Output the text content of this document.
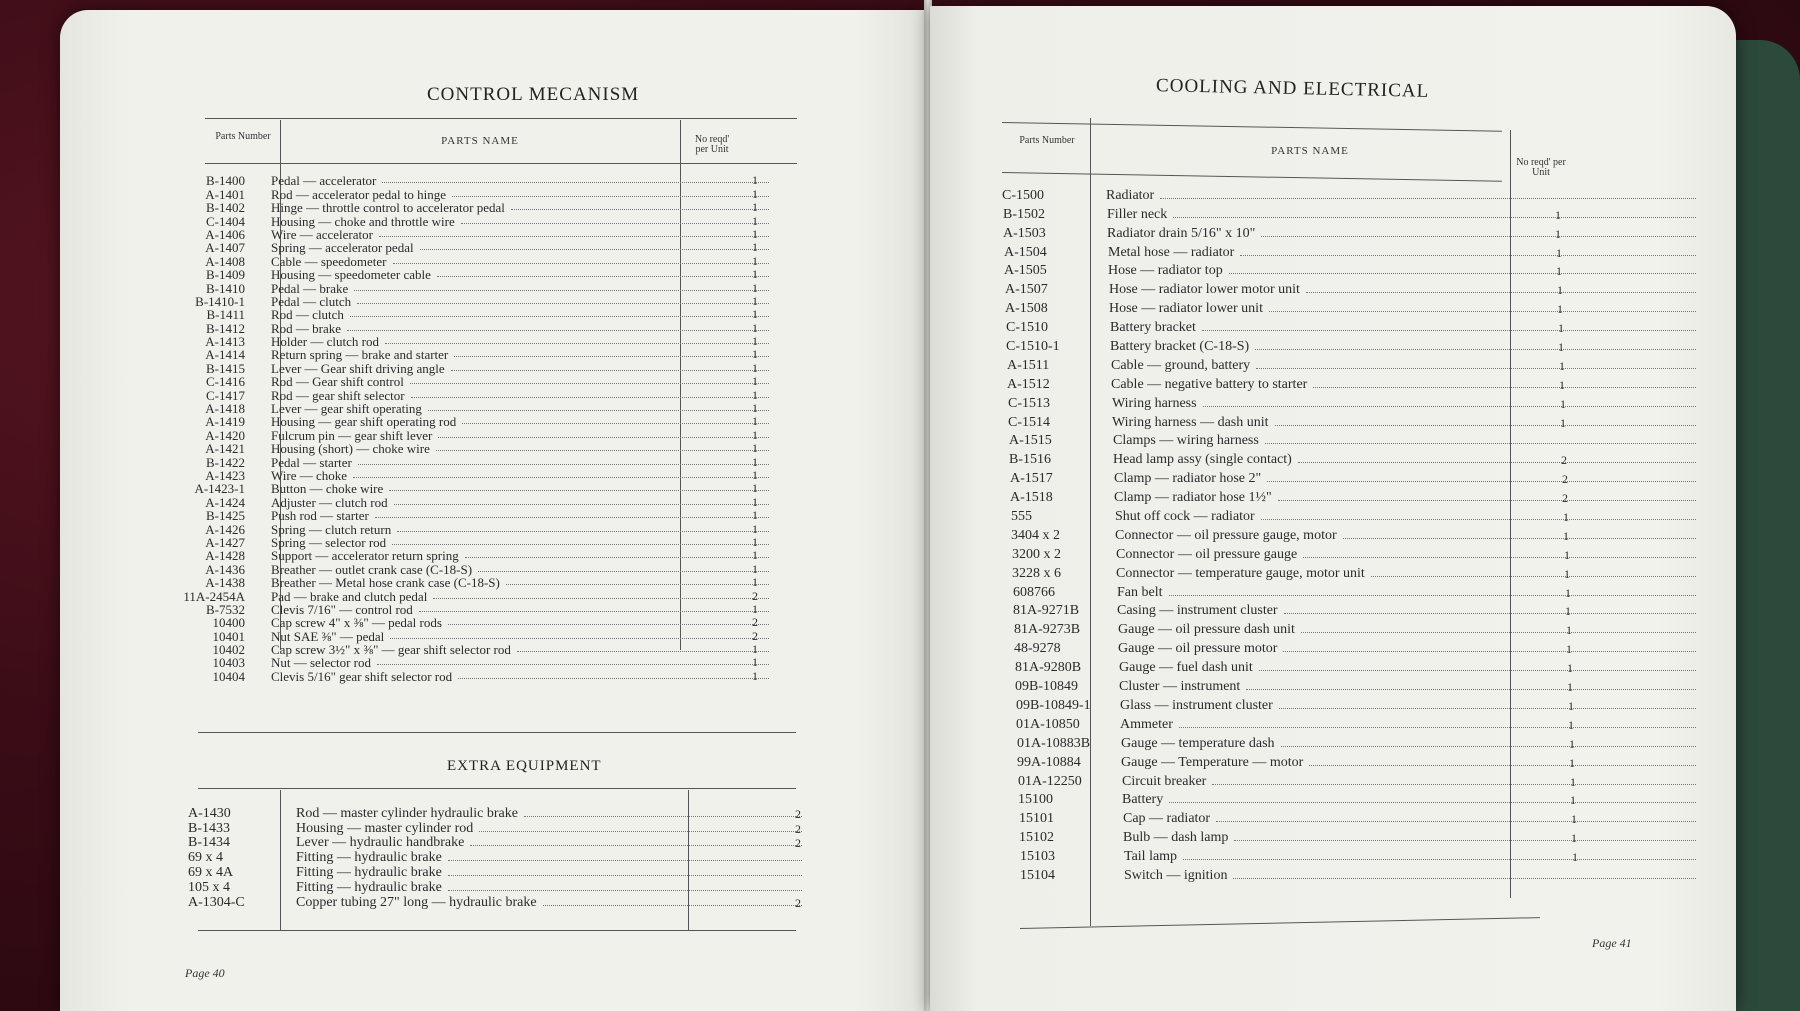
CONTROL MECANISM
Parts Number	PARTS NAME	No reqd' per Unit
B-1400	Pedal — accelerator	1
A-1401	Rod — accelerator pedal to hinge	1
B-1402	Hinge — throttle control to accelerator pedal	1
C-1404	Housing — choke and throttle wire	1
A-1406	Wire — accelerator	1
A-1407	Spring — accelerator pedal	1
A-1408	Cable — speedometer	1
B-1409	Housing — speedometer cable	1
B-1410	Pedal — brake	1
B-1410-1	Pedal — clutch	1
B-1411	Rod — clutch	1
B-1412	Rod — brake	1
A-1413	Holder — clutch rod	1
A-1414	Return spring — brake and starter	1
B-1415	Lever — Gear shift driving angle	1
C-1416	Rod — Gear shift control	1
C-1417	Rod — gear shift selector	1
A-1418	Lever — gear shift operating	1
A-1419	Housing — gear shift operating rod	1
A-1420	Fulcrum pin — gear shift lever	1
A-1421	Housing (short) — choke wire	1
B-1422	Pedal — starter	1
A-1423	Wire — choke	1
A-1423-1	Button — choke wire	1
A-1424	Adjuster — clutch rod	1
B-1425	Push rod — starter	1
A-1426	Spring — clutch return	1
A-1427	Spring — selector rod	1
A-1428	Support — accelerator return spring	1
A-1436	Breather — outlet crank case (C-18-S)	1
A-1438	Breather — Metal hose crank case (C-18-S)	1
11A-2454A	Pad — brake and clutch pedal	2
B-7532	Clevis 7/16" — control rod	1
10400	Cap screw 4" x ⅜" — pedal rods	2
10401	Nut SAE ⅜" — pedal	2
10402	Cap screw 3½" x ⅜" — gear shift selector rod	1
10403	Nut — selector rod	1
10404	Clevis 5/16" gear shift selector rod	1
EXTRA EQUIPMENT
A-1430	Rod — master cylinder hydraulic brake	2
B-1433	Housing — master cylinder rod	2
B-1434	Lever — hydraulic handbrake	2
69 x 4	Fitting — hydraulic brake
69 x 4A	Fitting — hydraulic brake
105 x 4	Fitting — hydraulic brake
A-1304-C	Copper tubing 27" long — hydraulic brake	2
Page 40
COOLING AND ELECTRICAL
Parts Number
PARTS NAME
No reqd' per Unit
C-1500	Radiator
B-1502	Filler neck	1
A-1503	Radiator drain 5/16" x 10"	1
A-1504	Metal hose — radiator	1
A-1505	Hose — radiator top	1
A-1507	Hose — radiator lower motor unit	1
A-1508	Hose — radiator lower unit	1
C-1510	Battery bracket	1
C-1510-1	Battery bracket (C-18-S)	1
A-1511	Cable — ground, battery	1
A-1512	Cable — negative battery to starter	1
C-1513	Wiring harness	1
C-1514	Wiring harness — dash unit	1
A-1515	Clamps — wiring harness
B-1516	Head lamp assy (single contact)	2
A-1517	Clamp — radiator hose 2"	2
A-1518	Clamp — radiator hose 1½"	2
555	Shut off cock — radiator	1
3404 x 2	Connector — oil pressure gauge, motor	1
3200 x 2	Connector — oil pressure gauge	1
3228 x 6	Connector — temperature gauge, motor unit	1
608766	Fan belt	1
81A-9271B	Casing — instrument cluster	1
81A-9273B	Gauge — oil pressure dash unit	1
48-9278	Gauge — oil pressure motor	1
81A-9280B	Gauge — fuel dash unit	1
09B-10849	Cluster — instrument	1
09B-10849-1	Glass — instrument cluster	1
01A-10850	Ammeter	1
01A-10883B	Gauge — temperature dash	1
99A-10884	Gauge — Temperature — motor	1
01A-12250	Circuit breaker	1
15100	Battery	1
15101	Cap — radiator	1
15102	Bulb — dash lamp	1
15103	Tail lamp	1
15104	Switch — ignition
Page 41
